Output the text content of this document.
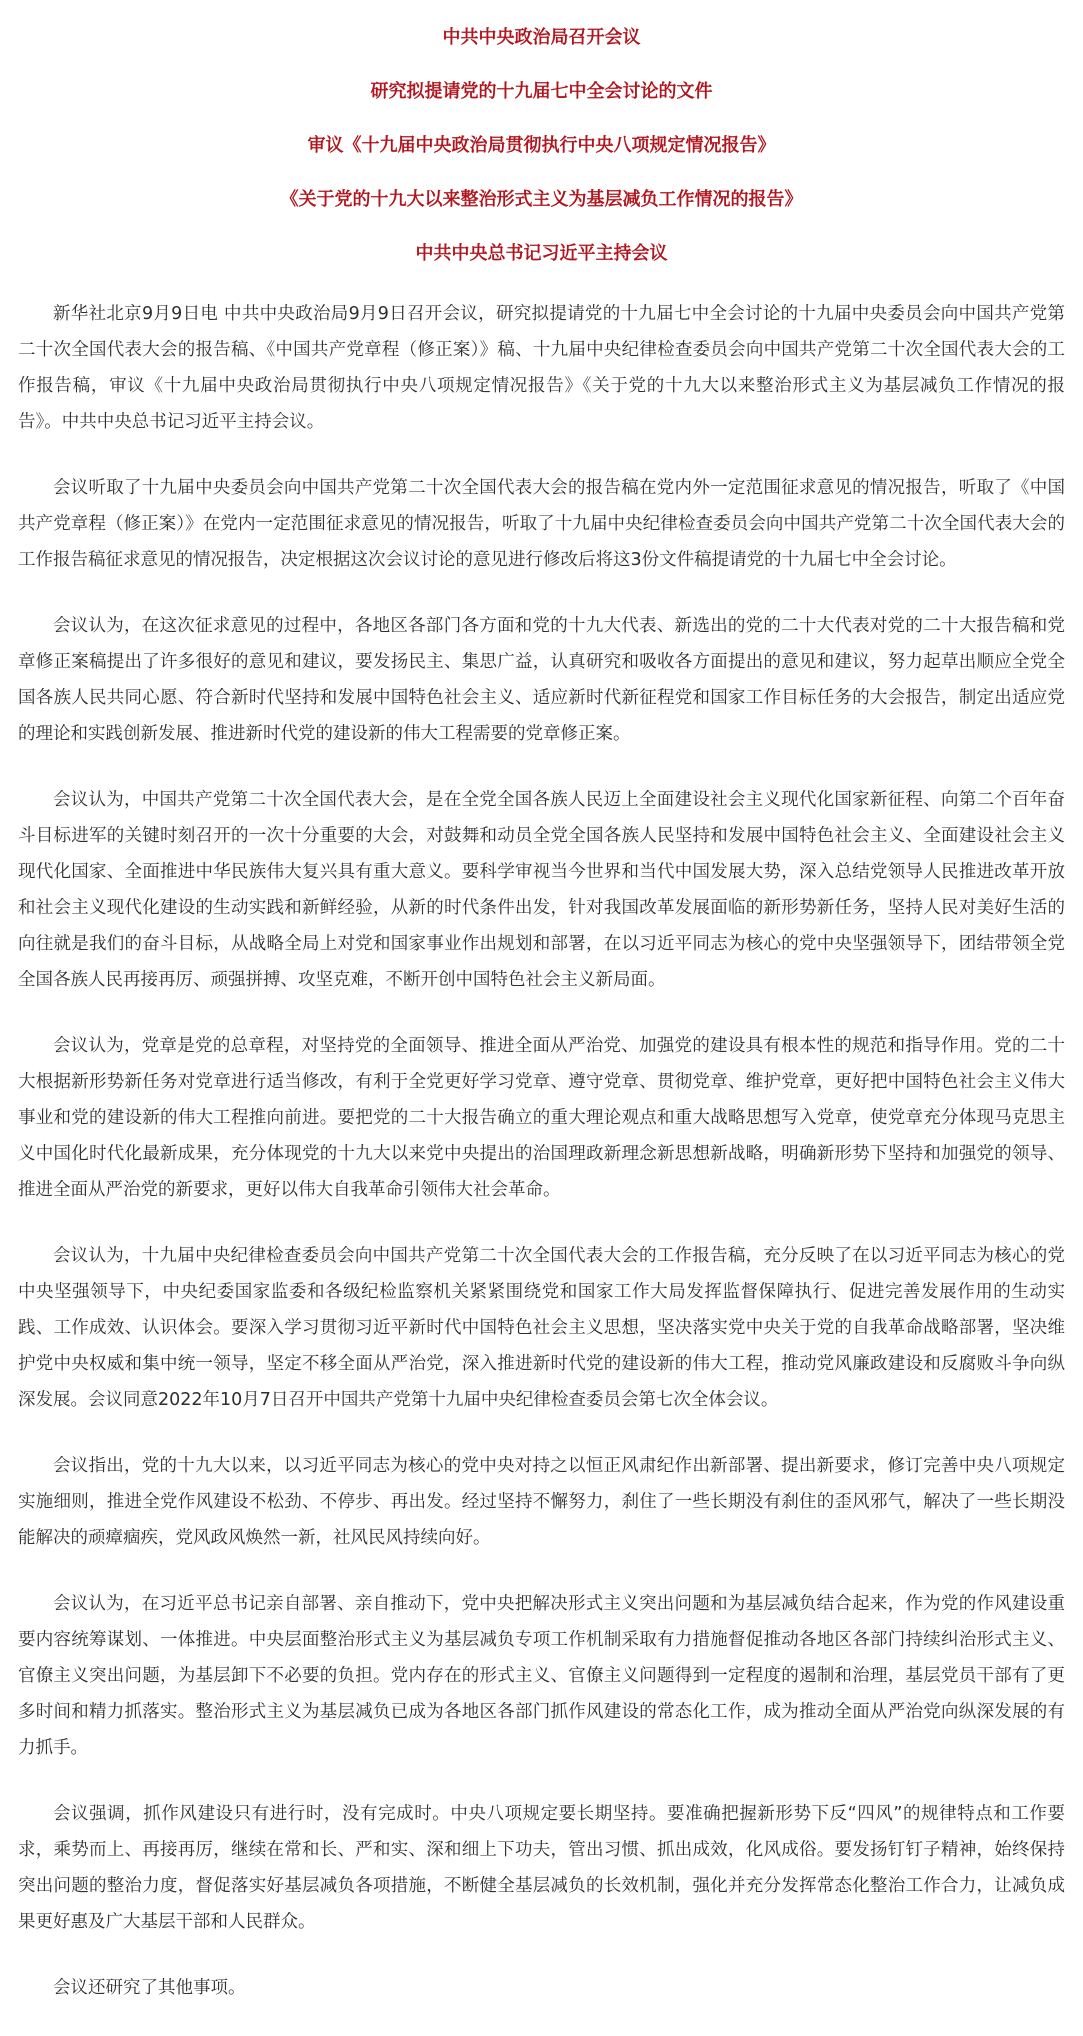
中共中央政治局召开会议
研究拟提请党的十九届七中全会讨论的文件
审议《十九届中央政治局贯彻执行中央八项规定情况报告》
《关于党的十九大以来整治形式主义为基层减负工作情况的报告》
中共中央总书记习近平主持会议

新华社北京9月9日电 中共中央政治局9月9日召开会议，研究拟提请党的十九届七中全会讨论的十九届中央委员会向中国共产党第二十次全国代表大会的报告稿、《中国共产党章程（修正案）》稿、十九届中央纪律检查委员会向中国共产党第二十次全国代表大会的工作报告稿，审议《十九届中央政治局贯彻执行中央八项规定情况报告》《关于党的十九大以来整治形式主义为基层减负工作情况的报告》。中共中央总书记习近平主持会议。

会议听取了十九届中央委员会向中国共产党第二十次全国代表大会的报告稿在党内外一定范围征求意见的情况报告，听取了《中国共产党章程（修正案）》在党内一定范围征求意见的情况报告，听取了十九届中央纪律检查委员会向中国共产党第二十次全国代表大会的工作报告稿征求意见的情况报告，决定根据这次会议讨论的意见进行修改后将这3份文件稿提请党的十九届七中全会讨论。

会议认为，在这次征求意见的过程中，各地区各部门各方面和党的十九大代表、新选出的党的二十大代表对党的二十大报告稿和党章修正案稿提出了许多很好的意见和建议，要发扬民主、集思广益，认真研究和吸收各方面提出的意见和建议，努力起草出顺应全党全国各族人民共同心愿、符合新时代坚持和发展中国特色社会主义、适应新时代新征程党和国家工作目标任务的大会报告，制定出适应党的理论和实践创新发展、推进新时代党的建设新的伟大工程需要的党章修正案。

会议认为，中国共产党第二十次全国代表大会，是在全党全国各族人民迈上全面建设社会主义现代化国家新征程、向第二个百年奋斗目标进军的关键时刻召开的一次十分重要的大会，对鼓舞和动员全党全国各族人民坚持和发展中国特色社会主义、全面建设社会主义现代化国家、全面推进中华民族伟大复兴具有重大意义。要科学审视当今世界和当代中国发展大势，深入总结党领导人民推进改革开放和社会主义现代化建设的生动实践和新鲜经验，从新的时代条件出发，针对我国改革发展面临的新形势新任务，坚持人民对美好生活的向往就是我们的奋斗目标，从战略全局上对党和国家事业作出规划和部署，在以习近平同志为核心的党中央坚强领导下，团结带领全党全国各族人民再接再厉、顽强拼搏、攻坚克难，不断开创中国特色社会主义新局面。

会议认为，党章是党的总章程，对坚持党的全面领导、推进全面从严治党、加强党的建设具有根本性的规范和指导作用。党的二十大根据新形势新任务对党章进行适当修改，有利于全党更好学习党章、遵守党章、贯彻党章、维护党章，更好把中国特色社会主义伟大事业和党的建设新的伟大工程推向前进。要把党的二十大报告确立的重大理论观点和重大战略思想写入党章，使党章充分体现马克思主义中国化时代化最新成果，充分体现党的十九大以来党中央提出的治国理政新理念新思想新战略，明确新形势下坚持和加强党的领导、推进全面从严治党的新要求，更好以伟大自我革命引领伟大社会革命。

会议认为，十九届中央纪律检查委员会向中国共产党第二十次全国代表大会的工作报告稿，充分反映了在以习近平同志为核心的党中央坚强领导下，中央纪委国家监委和各级纪检监察机关紧紧围绕党和国家工作大局发挥监督保障执行、促进完善发展作用的生动实践、工作成效、认识体会。要深入学习贯彻习近平新时代中国特色社会主义思想，坚决落实党中央关于党的自我革命战略部署，坚决维护党中央权威和集中统一领导，坚定不移全面从严治党，深入推进新时代党的建设新的伟大工程，推动党风廉政建设和反腐败斗争向纵深发展。会议同意2022年10月7日召开中国共产党第十九届中央纪律检查委员会第七次全体会议。

会议指出，党的十九大以来，以习近平同志为核心的党中央对持之以恒正风肃纪作出新部署、提出新要求，修订完善中央八项规定实施细则，推进全党作风建设不松劲、不停步、再出发。经过坚持不懈努力，刹住了一些长期没有刹住的歪风邪气，解决了一些长期没能解决的顽瘴痼疾，党风政风焕然一新，社风民风持续向好。

会议认为，在习近平总书记亲自部署、亲自推动下，党中央把解决形式主义突出问题和为基层减负结合起来，作为党的作风建设重要内容统筹谋划、一体推进。中央层面整治形式主义为基层减负专项工作机制采取有力措施督促推动各地区各部门持续纠治形式主义、官僚主义突出问题，为基层卸下不必要的负担。党内存在的形式主义、官僚主义问题得到一定程度的遏制和治理，基层党员干部有了更多时间和精力抓落实。整治形式主义为基层减负已成为各地区各部门抓作风建设的常态化工作，成为推动全面从严治党向纵深发展的有力抓手。

会议强调，抓作风建设只有进行时，没有完成时。中央八项规定要长期坚持。要准确把握新形势下反“四风”的规律特点和工作要求，乘势而上、再接再厉，继续在常和长、严和实、深和细上下功夫，管出习惯、抓出成效，化风成俗。要发扬钉钉子精神，始终保持突出问题的整治力度，督促落实好基层减负各项措施，不断健全基层减负的长效机制，强化并充分发挥常态化整治工作合力，让减负成果更好惠及广大基层干部和人民群众。

会议还研究了其他事项。
